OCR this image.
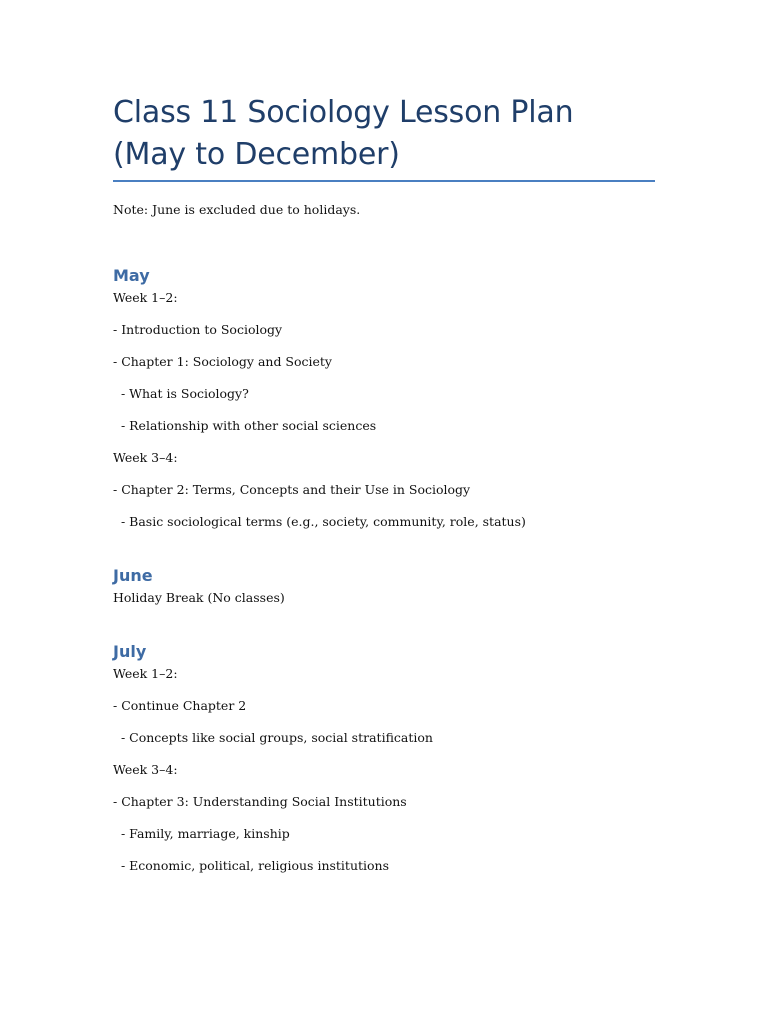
Class 11 Sociology Lesson Plan (May to December)

Note: June is excluded due to holidays.

May

Week 1–2:

- Introduction to Sociology

- Chapter 1: Sociology and Society

- What is Sociology?

- Relationship with other social sciences

Week 3–4:

- Chapter 2: Terms, Concepts and their Use in Sociology

- Basic sociological terms (e.g., society, community, role, status)

June

Holiday Break (No classes)

July

Week 1–2:

- Continue Chapter 2

- Concepts like social groups, social stratification

Week 3–4:

- Chapter 3: Understanding Social Institutions

- Family, marriage, kinship

- Economic, political, religious institutions
